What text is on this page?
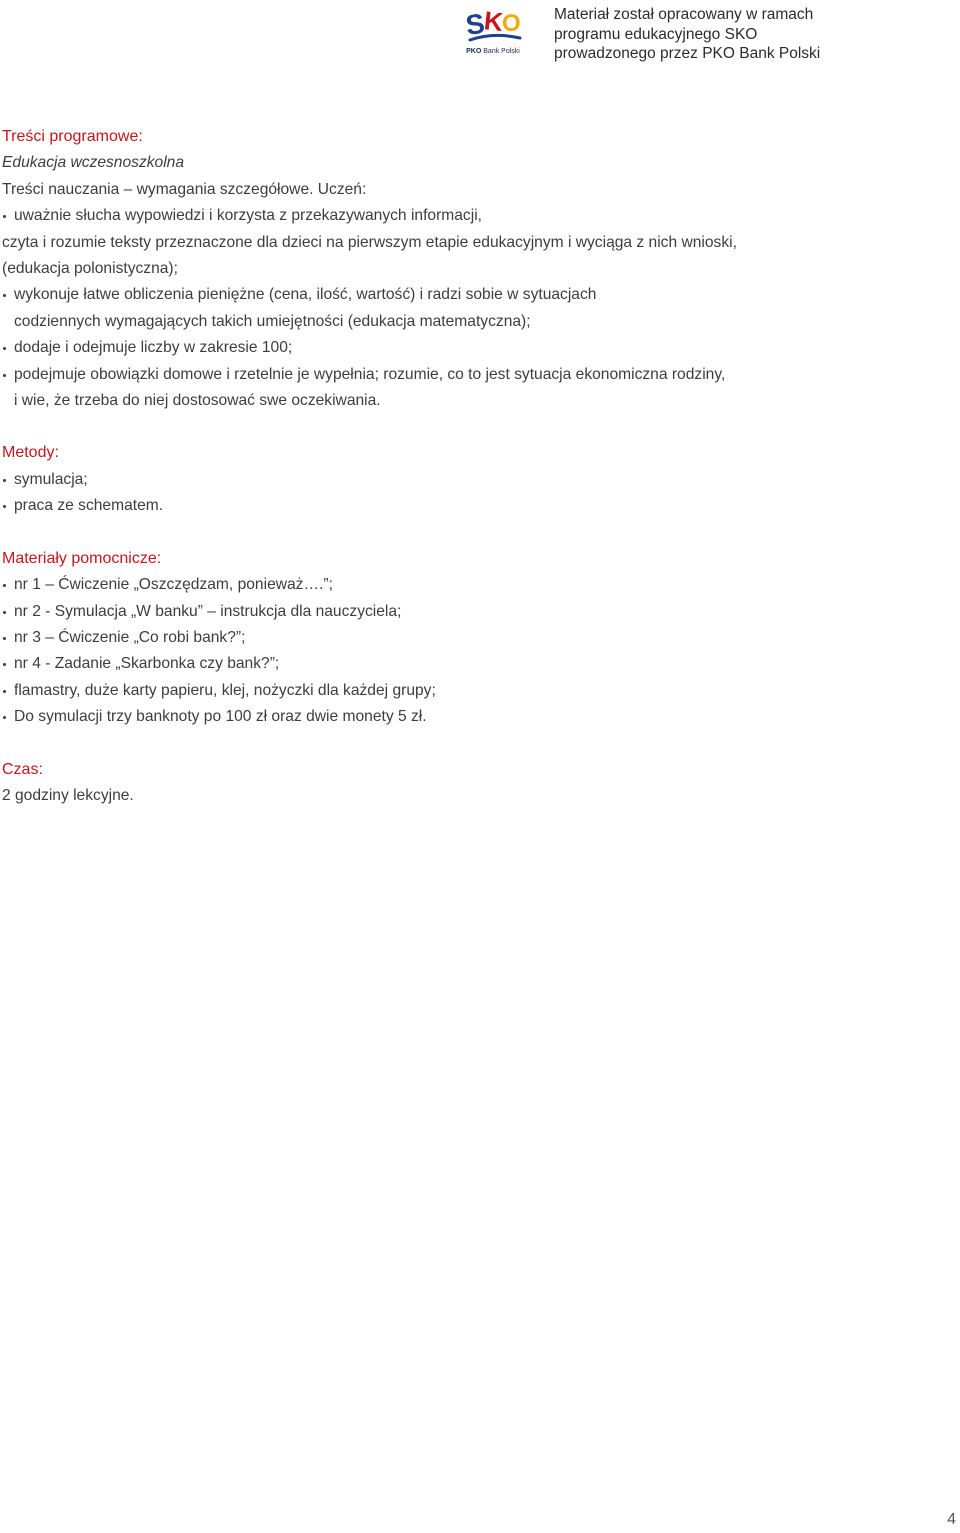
S
K
O
PKO Bank Polski
Materiał został opracowany w ramach
programu edukacyjnego SKO
prowadzonego przez PKO Bank Polski
Treści programowe:
Edukacja wczesnoszkolna
Treści nauczania – wymagania szczegółowe. Uczeń:
uważnie słucha wypowiedzi i korzysta z przekazywanych informacji,
czyta i rozumie teksty przeznaczone dla dzieci na pierwszym etapie edukacyjnym i wyciąga z nich wnioski,
(edukacja polonistyczna);
wykonuje łatwe obliczenia pieniężne (cena, ilość, wartość) i radzi sobie w sytuacjach
codziennych wymagających takich umiejętności (edukacja matematyczna);
dodaje i odejmuje liczby w zakresie 100;
podejmuje obowiązki domowe i rzetelnie je wypełnia; rozumie, co to jest sytuacja ekonomiczna rodziny,
i wie, że trzeba do niej dostosować swe oczekiwania.
Metody:
symulacja;
praca ze schematem.
Materiały pomocnicze:
nr 1 – Ćwiczenie „Oszczędzam, ponieważ….”;
nr 2 - Symulacja „W banku” – instrukcja dla nauczyciela;
nr 3 – Ćwiczenie „Co robi bank?”;
nr 4 - Zadanie „Skarbonka czy bank?”;
flamastry, duże karty papieru, klej, nożyczki dla każdej grupy;
Do symulacji trzy banknoty po 100 zł oraz dwie monety 5 zł.
Czas:
2 godziny lekcyjne.
4
